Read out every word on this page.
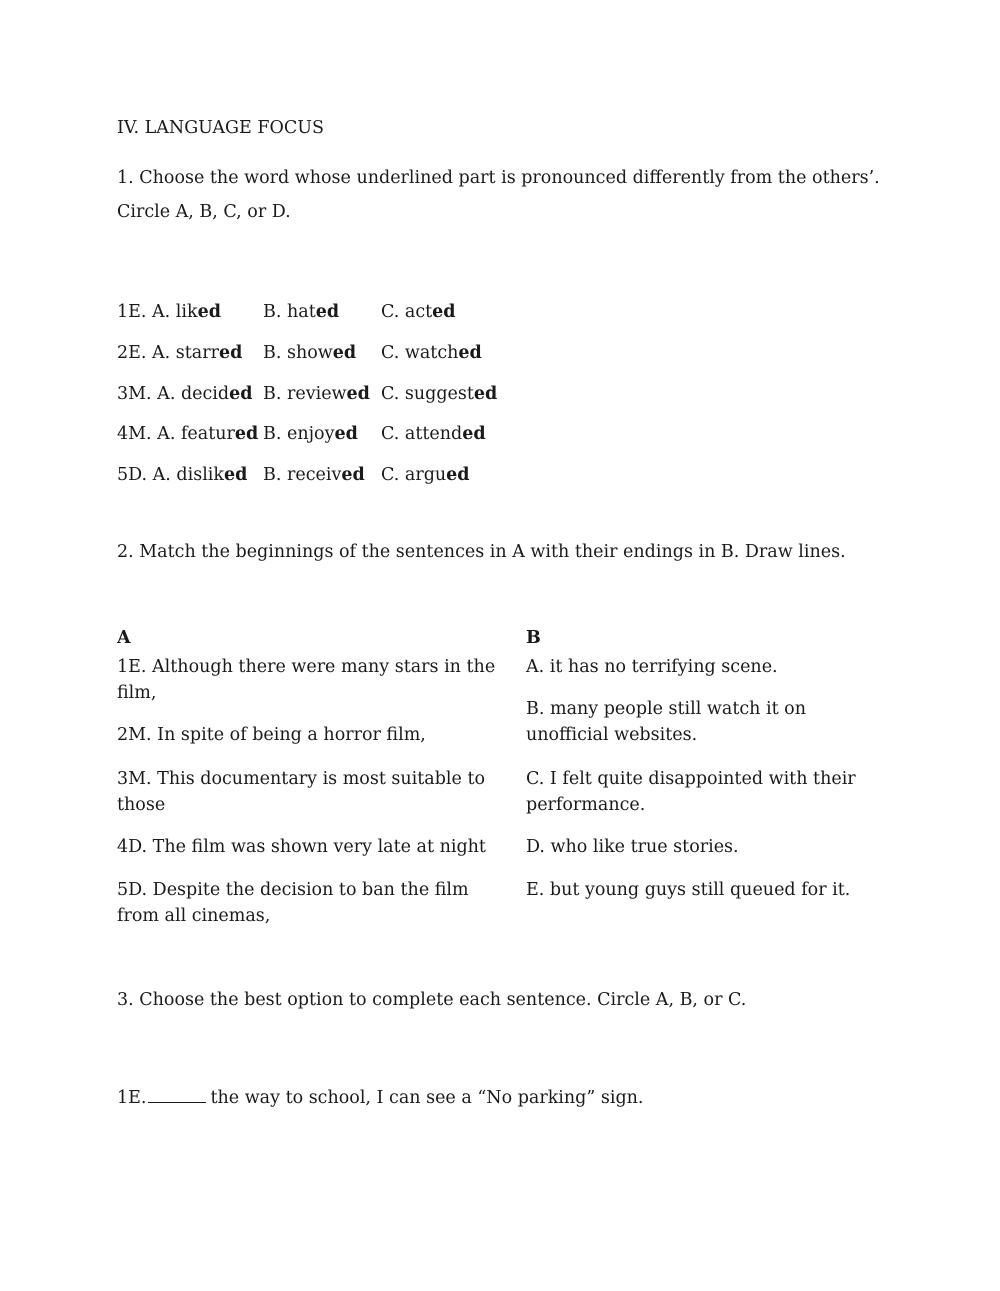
IV. LANGUAGE FOCUS
1. Choose the word whose underlined part is pronounced differently from the others’.
Circle A, B, C, or D.
1E. A. liked B. hated C. acted
2E. A. starred B. showed C. watched
3M. A. decided B. reviewed C. suggested
4M. A. featured B. enjoyed C. attended
5D. A. disliked B. received C. argued
2. Match the beginnings of the sentences in A with their endings in B. Draw lines.
A	B
1E. Although there were many stars in the film,
2M. In spite of being a horror film,
3M. This documentary is most suitable to those
4D. The film was shown very late at night
5D. Despite the decision to ban the film from all cinemas,
A. it has no terrifying scene.
B. many people still watch it on unofficial websites.
C. I felt quite disappointed with their performance.
D. who like true stories.
E. but young guys still queued for it.
3. Choose the best option to complete each sentence. Circle A, B, or C.
1E.	the way to school, I can see a “No parking” sign.
